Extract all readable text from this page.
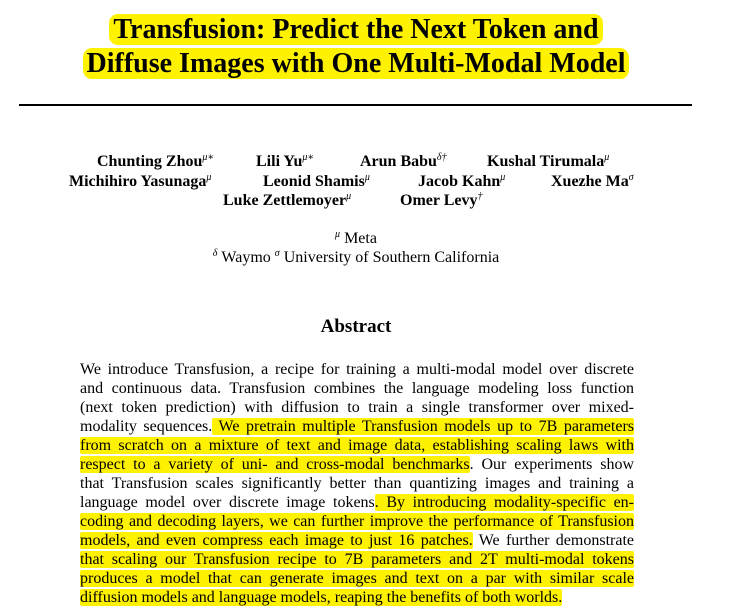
Transfusion: Predict the Next Token and
Diffuse Images with One Multi-Modal Model
Chunting Zhou$^{\mu∗}$	Lili $Yu^{\mu∗}$	Arun Babu$^{\delta\dagger}$	Kushal Tirumala$^\mu$
Michihiro Yasunaga$^\mu$	Leonid Shamis$^\mu$	Jacob Kahn$^\mu$	Xuezhe $Ma^\sigma$
Luke Zettlemoyer$^\mu$	Omer Levy†
$^\mu$ Meta
$^\delta$ Waymo $^\sigma$ University of Southern California
Abstract
We introduce Transfusion, a recipe for training a multi-modal model over discrete
and continuous data. Transfusion combines the language modeling loss function
(next token prediction) with diffusion to train a single transformer over mixed-
modality sequences. We pretrain multiple Transfusion models up to 7B parameters
from scratch on a mixture of text and image data, establishing scaling laws with
respect to a variety of uni- and cross-modal benchmarks. Our experiments show
that Transfusion scales significantly better than quantizing images and training a
language model over discrete image tokens. By introducing modality-specific en-
coding and decoding layers, we can further improve the performance of Transfusion
models, and even compress each image to just 16 patches. We further demonstrate
that scaling our Transfusion recipe to 7B parameters and 2T multi-modal tokens
produces a model that can generate images and text on a par with similar scale
diffusion models and language models, reaping the benefits of both worlds.
